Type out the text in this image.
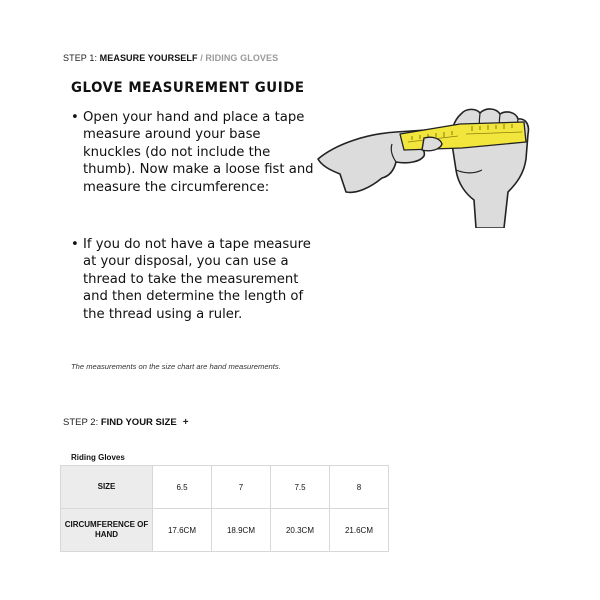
STEP 1: MEASURE YOURSELF / RIDING GLOVES
GLOVE MEASUREMENT GUIDE
• Open your hand and place a tape measure around your base knuckles (do not include the thumb). Now make a loose fist and measure the circumference:
• If you do not have a tape measure at your disposal, you can use a thread to take the measurement and then determine the length of the thread using a ruler.
The measurements on the size chart are hand measurements.
STEP 2: FIND YOUR SIZE +
Riding Gloves
SIZE	6.5	7	7.5	8
CIRCUMFERENCE OF HAND	17.6CM	18.9CM	20.3CM	21.6CM
